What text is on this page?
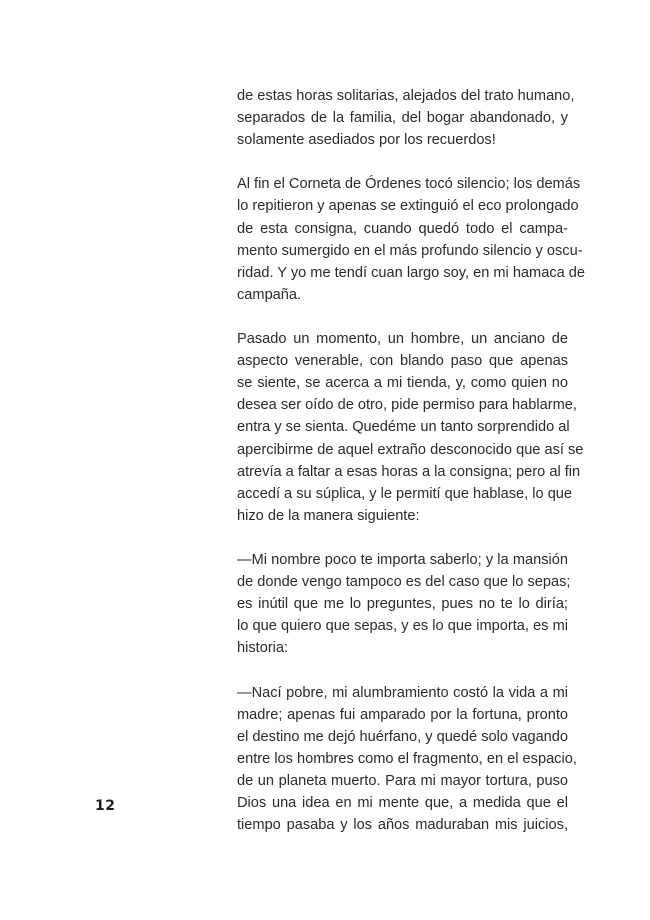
de estas horas solitarias, alejados del trato humano,
separados de la familia, del bogar abandonado, y
solamente asediados por los recuerdos!

Al fin el Corneta de Órdenes tocó silencio; los demás
lo repitieron y apenas se extinguió el eco prolongado
de esta consigna, cuando quedó todo el campa-
mento sumergido en el más profundo silencio y oscu-
ridad. Y yo me tendí cuan largo soy, en mi hamaca de
campaña.

Pasado un momento, un hombre, un anciano de
aspecto venerable, con blando paso que apenas
se siente, se acerca a mi tienda, y, como quien no
desea ser oído de otro, pide permiso para hablarme,
entra y se sienta. Quedéme un tanto sorprendido al
apercibirme de aquel extraño desconocido que así se
atrevía a faltar a esas horas a la consigna; pero al fin
accedí a su súplica, y le permití que hablase, lo que
hizo de la manera siguiente:

—Mi nombre poco te importa saberlo; y la mansión
de donde vengo tampoco es del caso que lo sepas;
es inútil que me lo preguntes, pues no te lo diría;
lo que quiero que sepas, y es lo que importa, es mi
historia:

—Nací pobre, mi alumbramiento costó la vida a mi
madre; apenas fui amparado por la fortuna, pronto
el destino me dejó huérfano, y quedé solo vagando
entre los hombres como el fragmento, en el espacio,
de un planeta muerto. Para mi mayor tortura, puso
Dios una idea en mi mente que, a medida que el
tiempo pasaba y los años maduraban mis juicios,

12
